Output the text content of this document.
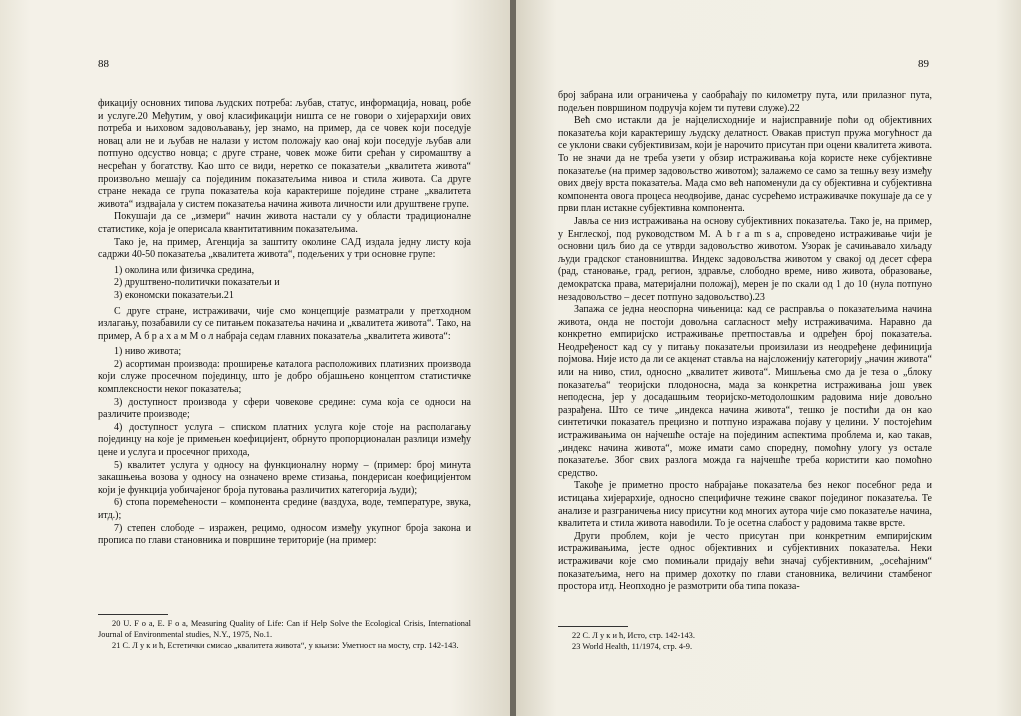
88

фикацију основних типова људских потреба: љубав, статус, информација, новац, робе и услуге.20 Међутим, у овој класификацији ништа се не говори о хијерархији ових потреба и њиховом задовољавању, јер знамо, на пример, да се човек који поседује новац али не и љубав не налази у истом положају као онај који поседује љубав али потпуно одсуство новца; с друге стране, човек може бити срећан у сиромаштву а несрећан у богатству. Као што се види, нерeтко се показатељи „квалитета живота“ произвољно мешају са појединим показатељима нивоа и стила живота. Са друге стране некада се група показатеља која карактерише поједине стране „квалитета живота“ издваjала у систем показатеља начина живота личности или друштвене групе.

Покушаји да се „измери“ начин живота настали су у области традиционалне статистике, која је оперисала квантитативним показатељима.

Тако је, на пример, Агенција за заштиту околине САД издала једну листу која садржи 40-50 показатеља „квалитета живота“, подељених у три основне групе:

1) околина или физичка средина,
2) друштвено-политички показатељи и
3) економски показатељи.21

С друге стране, истраживачи, чије смо концепције размaтрали у претходном излагању, позабавили су се питањем показатеља начина и „квалитета живота“. Тако, на пример, А б р а х а м М о л набраја седам главних показатеља „квалитета живота“:

1) ниво живота;

2) асортиман производа: проширење каталога расположивих платизних производа који служе просечном појединцу, што је добро објашњено концептом статистичке комплексности неког показатеља;

3) доступност производа у сфери човекове средине: сума која се односи на различите производе;

4) доступност услуга – списком платних услуга које стоје на располагању појединцу на које је примењен коефицијент, обрнуто пропорционалан разлици између цене и услуга и просечног прихода,

5) квалитет услуга у односу на функционалну норму – (пример: број минута закашњења возова у односу на означено време стизања, пондерисан коефицијентом који је функција уобичајеног броја путовања различитих категорија људи);

6) стопа поремећености – компонента средине (ваздуха, воде, температуре, звука, итд.);

7) степен слободе – изражен, рецимо, односом између укупног броја закона и прописа по глави становника и површине територије (на пример:

20 U. F o a, E. F o a, Measuring Quality of Life: Can if Help Solve the Ecological Crisis, International Journal of Environmental studies, N.Y., 1975, No.1.

21 С. Л у к и ћ, Естетички смисао „квалитета живота“, у књизи: Уметност на мосту, стр. 142-143.

89

број забрана или ограничења у саобраћају по километру пута, или прилазног пута, подељен површином подручја којем ти путеви служе).22

Већ смо истакли да је најцелисходније и најисправније поћи од објективних показатеља који карактеришу људску делатност. Овакав приступ пружа могућност да се уклони сваки субјективизам, који је нарочито присутан при оцени квалитета живота. То не значи да не треба узети у обзир истраживања која користе неке субјективне показатеље (на пример задовољство животом); залажемо се само за тешњу везу између ових двеју врста показатеља. Мада смо већ напоменули да су објективна и субјективна компонента овога процеса неодвојиве, данас сусрећемо истраживачке покушаје да се у први план истакне субјективна компонента.

Јавља се низ истраживања на основу субјективних показатеља. Тако је, на пример, у Енглеској, под руководством М. А b r a m s a, спроведено истраживање чији је основни циљ био да се утврди задовољство животом. Узорак је сачињавало хиљаду људи градског становништва. Индекс задовољства животом у свакој од десет сфера (рад, становање, град, регион, здравље, слободно време, ниво живота, образовање, демократска права, материјални положај), мерен је по скали од 1 до 10 (нула потпуно незадовољство – десет потпуно задовољство).23

Запажа се једна неоспорна чињеница: кад се расправља о показатељима начина живота, онда не постоји довољна сагласност међу истраживачима. Наравно да конкретно емпиријско истраживање претпоставља и одређен број показатеља. Неодређеност кад су у питању показатељи произилази из неодређене дефиниција појмова. Није исто да ли се акценат ставља на најсложенију категорију „начин живота“ или на ниво, стил, односно „квалитет живота“. Мишљења смо да је теза о „блоку показатеља“ теоријски плодоносна, мада за конкретна истраживања још увек неподесна, јер у досадашњим теоријско-методолошким радовима није довољно разрађена. Што се тиче „индекса начина живота“, тешко је постићи да он као синтетички показатељ прецизно и потпуно изражава појаву у целини. У постојећим истраживањима он најчешће остаје на појединим аспектима проблема и, као такав, „индекс начина живота“, може имати само споредну, помоћну улогу уз остале показатеље. Због свих разлога можда га најчешће треба користити као помоћно средство.

Такође је приметно просто набрајање показатеља без неког посебног реда и истицања хијерархије, односно специфичне тежине сваког појединог показатеља. Те анализе и разграничења нису присутни код многих аутора чије смо показатеље начина, квалитета и стила живота навodили. То је осетна слабост у радовима такве врсте.

Други проблем, који је често присутан при конкретним емпиријским истраживањима, јесте однос објективних и субјективних показатеља. Неки истраживачи које смо помињали придају већи значај субјективним, „осећајним“ показатељима, него на пример дохотку по глави становника, величини стамбеног простора итд. Неопходно је размотрити оба типа показа-

22 С. Л у к и ћ, Исто, стр. 142-143.

23 World Health, 11/1974, стр. 4-9.
